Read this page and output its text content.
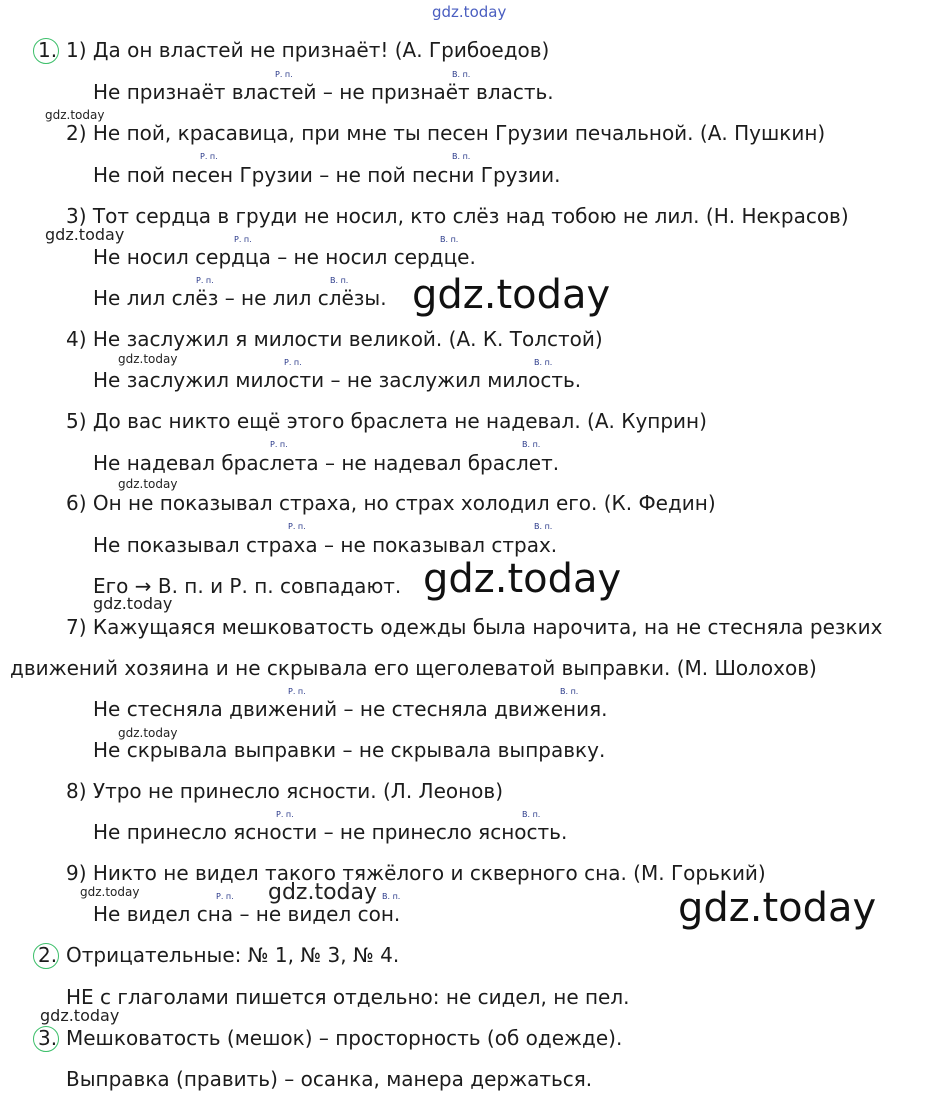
gdz.today
1. 1) Да он властей не признаёт! (А. Грибоедов)
Р. п.	В. п.
gdz.today
Не признаёт властей – не признаёт власть.
2) Не пой, красавица, при мне ты песен Грузии печальной. (А. Пушкин)
Р. п.	В. п.
Не пой песен Грузии – не пой песни Грузии.
3) Тот сердца в груди не носил, кто слёз над тобою не лил. (Н. Некрасов)
gdz.today	Р. п.	В. п.
Не носил сердца – не носил сердце.
Р. п.	В. п.
Не лил слёз – не лил слёзы. gdz.today
4) Не заслужил я милости великой. (А. К. Толстой)
gdz.today	Р. п.	В. п.
Не заслужил милости – не заслужил милость.
5) До вас никто ещё этого браслета не надевал. (А. Куприн)
Р. п.	В. п.
Не надевал браслета – не надевал браслет.
gdz.today
6) Он не показывал страха, но страх холодил его. (К. Федин)
Р. п.	В. п.
Не показывал страха – не показывал страх.
Его → В. п. и Р. п. совпадают. gdz.today
gdz.today
7) Кажущаяся мешковатость одежды была нарочита, на не стесняла резких
движений хозяина и не скрывала его щеголеватой выправки. (М. Шолохов)
Р. п.	В. п.
Не стесняла движений – не стесняла движения.
gdz.today
Не скрывала выправки – не скрывала выправку.
8) Утро не принесло ясности. (Л. Леонов)
Р. п.	В. п.
Не принесло ясности – не принесло ясность.
9) Никто не видел такого тяжёлого и скверного сна. (М. Горький)
gdz.today	Р. п. gdz.today В. п.
Не видел сна – не видел сон.	gdz.today
2. Отрицательные: № 1, № 3, № 4.
НЕ с глаголами пишется отдельно: не сидел, не пел.
gdz.today
3. Мешковатость (мешок) – просторность (об одежде).
Выправка (править) – осанка, манера держаться.
